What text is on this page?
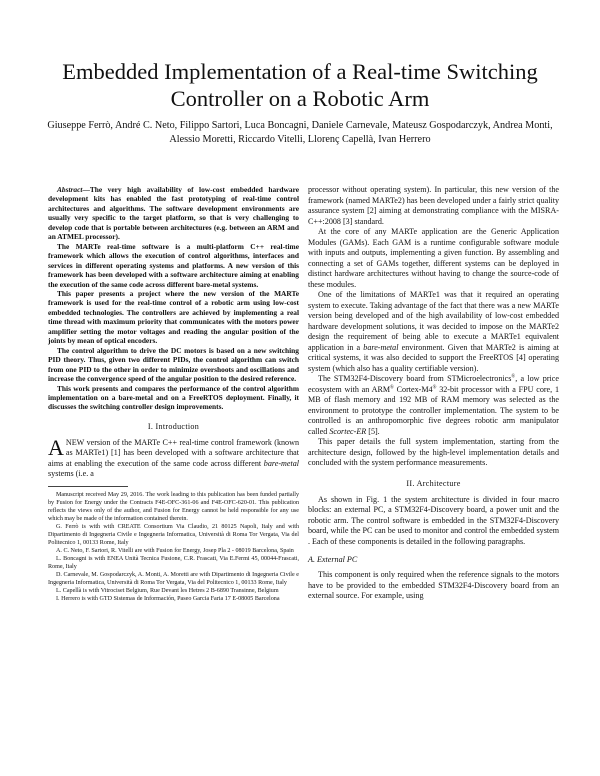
Embedded Implementation of a Real-time Switching Controller on a Robotic Arm

Giuseppe Ferrò, André C. Neto, Filippo Sartori, Luca Boncagni, Daniele Carnevale, Mateusz Gospodarczyk, Andrea Monti, Alessio Moretti, Riccardo Vitelli, Llorenç Capellà, Ivan Herrero

Abstract—The very high availability of low-cost embedded hardware development kits has enabled the fast prototyping of real-time control architectures and algorithms. The software development environments are usually very specific to the target platform, so that is very challenging to develop code that is portable between architectures (e.g. between an ARM and an ATMEL processor).

The MARTe real-time software is a multi-platform C++ real-time framework which allows the execution of control algorithms, interfaces and services in different operating systems and platforms. A new version of this framework has been developed with a software architecture aiming at enabling the execution of the same code across different bare-metal systems.

This paper presents a project where the new version of the MARTe framework is used for the real-time control of a robotic arm using low-cost embedded technologies. The controllers are achieved by implementing a real time thread with maximum priority that communicates with the motors power amplifier setting the motor voltages and reading the angular position of the joints by mean of optical encoders.

The control algorithm to drive the DC motors is based on a new switching PID theory. Thus, given two different PIDs, the control algorithm can switch from one PID to the other in order to minimize overshoots and oscillations and increase the convergence speed of the angular position to the desired reference.

This work presents and compares the performance of the control algorithm implementation on a bare-metal and on a FreeRTOS deployment. Finally, it discusses the switching controller design improvements.

I. Introduction

ANEW version of the MARTe C++ real-time control framework (known as MARTe1) [1] has been developed with a software architecture that aims at enabling the execution of the same code across different bare-metal systems (i.e. a

Manuscript received May 29, 2016. The work leading to this publication has been funded partially by Fusion for Energy under the Contracts F4E-OFC-361-06 and F4E-OFC-620-01. This publication reflects the views only of the author, and Fusion for Energy cannot be held responsible for any use which may be made of the information contained therein.

G. Ferrò is with with CREATE Consortium Via Claudio, 21 80125 Napoli, Italy and with Dipartimento di Ingegneria Civile e Ingegneria Informatica, Università di Roma Tor Vergata, Via del Politecnico 1, 00133 Rome, Italy

A. C. Neto, F. Sartori, R. Vitelli are with Fusion for Energy, Josep Pla 2 - 08019 Barcelona, Spain

L. Boncagni is with ENEA Unità Tecnica Fusione, C.R. Frascati, Via E.Fermi 45, 00044-Frascati, Rome, Italy

D. Carnevale, M. Gospodarczyk, A. Monti, A. Moretti are with Dipartimento di Ingegneria Civile e Ingegneria Informatica, Università di Roma Tor Vergata, Via del Politecnico 1, 00133 Rome, Italy

L. Capellà is with Vitrociset Belgium, Rue Devant les Hetres 2 B-6890 Transinne, Belgium

I. Herrero is with GTD Sistemas de Información, Paseo Garcia Faria 17 E-08005 Barcelona

processor without operating system). In particular, this new version of the framework (named MARTe2) has been developed under a fairly strict quality assurance system [2] aiming at demonstrating compliance with the MISRA-C++:2008 [3] standard.

At the core of any MARTe application are the Generic Application Modules (GAMs). Each GAM is a runtime configurable software module with inputs and outputs, implementing a given function. By assembling and connecting a set of GAMs together, different systems can be deployed in distinct hardware architectures without having to change the source-code of these modules.

One of the limitations of MARTe1 was that it required an operating system to execute. Taking advantage of the fact that there was a new MARTe version being developed and of the high availability of low-cost embedded hardware development solutions, it was decided to impose on the MARTe2 design the requirement of being able to execute a MARTe1 equivalent application in a bare-metal environment. Given that MARTe2 is aiming at critical systems, it was also decided to support the FreeRTOS [4] operating system (which also has a quality certifiable version).

The STM32F4-Discovery board from STMicroelectronics®, a low price ecosystem with an ARM® Cortex-M4® 32-bit processor with a FPU core, 1 MB of flash memory and 192 MB of RAM memory was selected as the environment to prototype the controller implementation. The system to be controlled is an anthropomorphic five degrees robotic arm manipulator called Scortec-ER [5].

This paper details the full system implementation, starting from the architecture design, followed by the high-level implementation details and concluded with the system performance measurements.

II. Architecture

As shown in Fig. 1 the system architecture is divided in four macro blocks: an external PC, a STM32F4-Discovery board, a power unit and the robotic arm. The control software is embedded in the STM32F4-Discovery board, while the PC can be used to monitor and control the embedded system . Each of these components is detailed in the following paragraphs.

A. External PC

This component is only required when the reference signals to the motors have to be provided to the embedded STM32F4-Discovery board from an external source. For example, using
